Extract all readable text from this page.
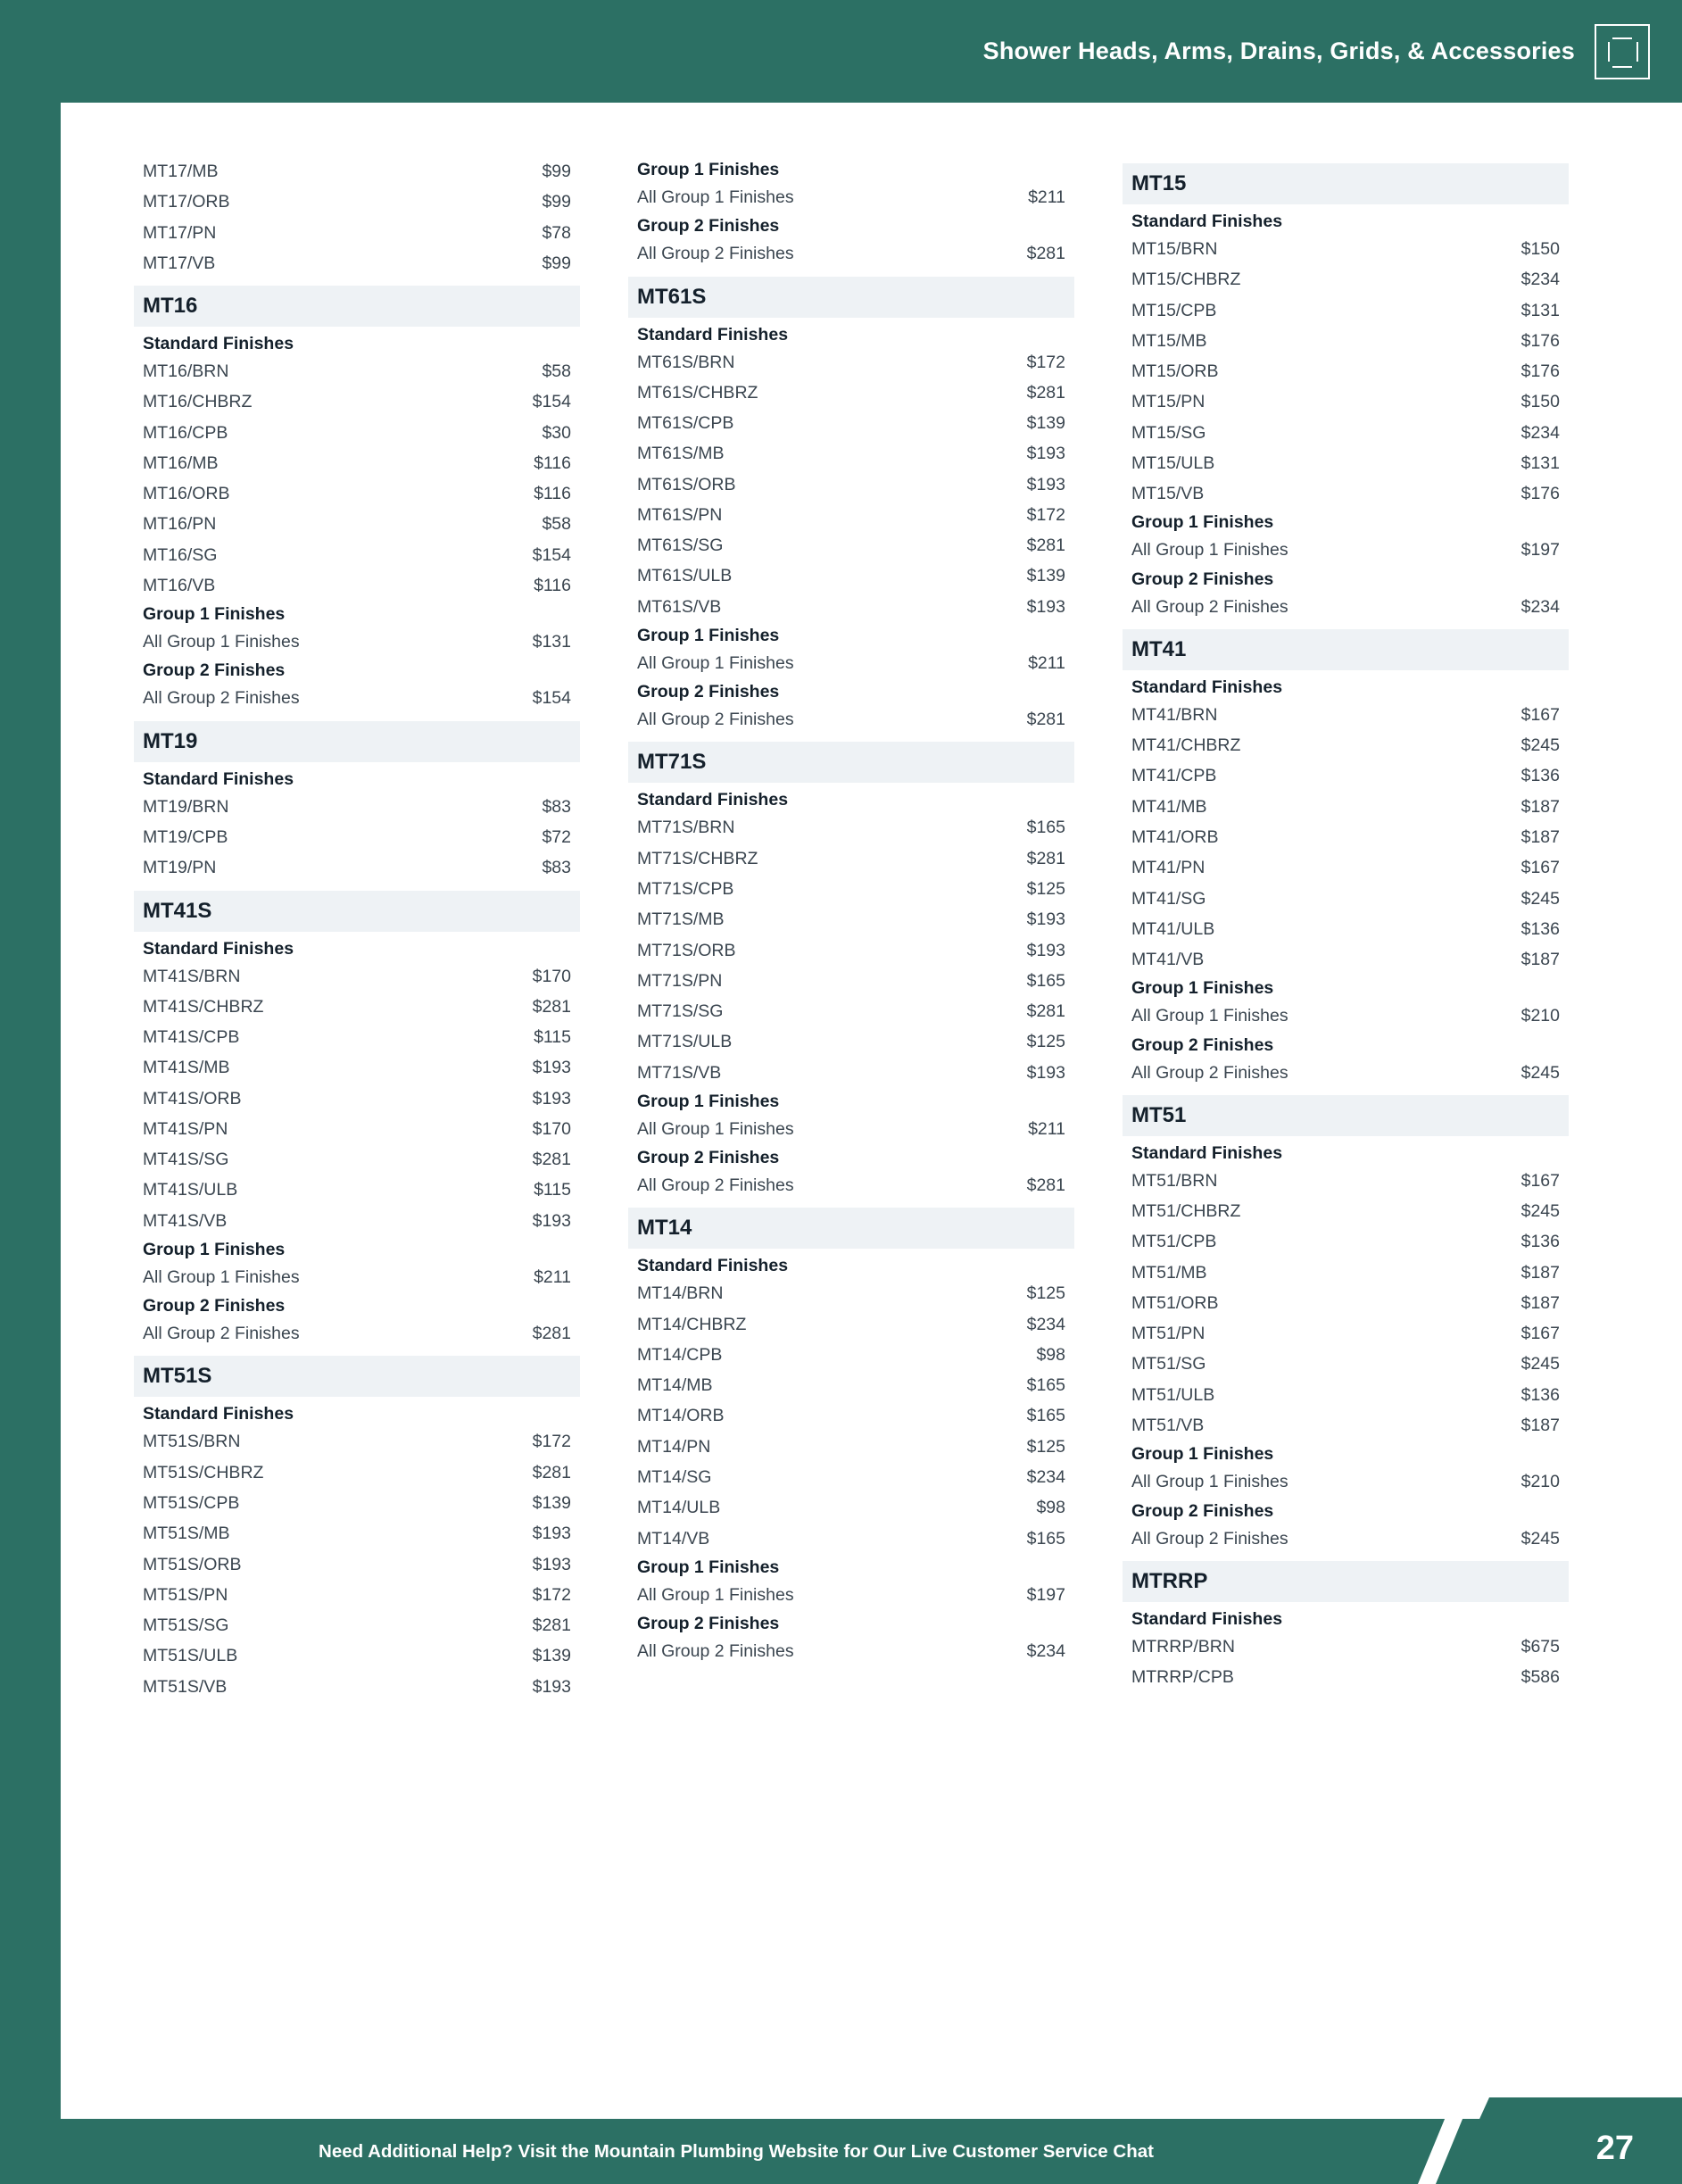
Shower Heads, Arms, Drains, Grids, & Accessories
MT17/MB	$99
MT17/ORB	$99
MT17/PN	$78
MT17/VB	$99
MT16
Standard Finishes
MT16/BRN	$58
MT16/CHBRZ	$154
MT16/CPB	$30
MT16/MB	$116
MT16/ORB	$116
MT16/PN	$58
MT16/SG	$154
MT16/VB	$116
Group 1 Finishes
All Group 1 Finishes	$131
Group 2 Finishes
All Group 2 Finishes	$154
MT19
Standard Finishes
MT19/BRN	$83
MT19/CPB	$72
MT19/PN	$83
MT41S
Standard Finishes
MT41S/BRN	$170
MT41S/CHBRZ	$281
MT41S/CPB	$115
MT41S/MB	$193
MT41S/ORB	$193
MT41S/PN	$170
MT41S/SG	$281
MT41S/ULB	$115
MT41S/VB	$193
Group 1 Finishes
All Group 1 Finishes	$211
Group 2 Finishes
All Group 2 Finishes	$281
MT51S
Standard Finishes
MT51S/BRN	$172
MT51S/CHBRZ	$281
MT51S/CPB	$139
MT51S/MB	$193
MT51S/ORB	$193
MT51S/PN	$172
MT51S/SG	$281
MT51S/ULB	$139
MT51S/VB	$193
Group 1 Finishes
All Group 1 Finishes	$211
Group 2 Finishes
All Group 2 Finishes	$281
MT61S
Standard Finishes
MT61S/BRN	$172
MT61S/CHBRZ	$281
MT61S/CPB	$139
MT61S/MB	$193
MT61S/ORB	$193
MT61S/PN	$172
MT61S/SG	$281
MT61S/ULB	$139
MT61S/VB	$193
Group 1 Finishes
All Group 1 Finishes	$211
Group 2 Finishes
All Group 2 Finishes	$281
MT71S
Standard Finishes
MT71S/BRN	$165
MT71S/CHBRZ	$281
MT71S/CPB	$125
MT71S/MB	$193
MT71S/ORB	$193
MT71S/PN	$165
MT71S/SG	$281
MT71S/ULB	$125
MT71S/VB	$193
Group 1 Finishes
All Group 1 Finishes	$211
Group 2 Finishes
All Group 2 Finishes	$281
MT14
Standard Finishes
MT14/BRN	$125
MT14/CHBRZ	$234
MT14/CPB	$98
MT14/MB	$165
MT14/ORB	$165
MT14/PN	$125
MT14/SG	$234
MT14/ULB	$98
MT14/VB	$165
Group 1 Finishes
All Group 1 Finishes	$197
Group 2 Finishes
All Group 2 Finishes	$234
MT15
Standard Finishes
MT15/BRN	$150
MT15/CHBRZ	$234
MT15/CPB	$131
MT15/MB	$176
MT15/ORB	$176
MT15/PN	$150
MT15/SG	$234
MT15/ULB	$131
MT15/VB	$176
Group 1 Finishes
All Group 1 Finishes	$197
Group 2 Finishes
All Group 2 Finishes	$234
MT41
Standard Finishes
MT41/BRN	$167
MT41/CHBRZ	$245
MT41/CPB	$136
MT41/MB	$187
MT41/ORB	$187
MT41/PN	$167
MT41/SG	$245
MT41/ULB	$136
MT41/VB	$187
Group 1 Finishes
All Group 1 Finishes	$210
Group 2 Finishes
All Group 2 Finishes	$245
MT51
Standard Finishes
MT51/BRN	$167
MT51/CHBRZ	$245
MT51/CPB	$136
MT51/MB	$187
MT51/ORB	$187
MT51/PN	$167
MT51/SG	$245
MT51/ULB	$136
MT51/VB	$187
Group 1 Finishes
All Group 1 Finishes	$210
Group 2 Finishes
All Group 2 Finishes	$245
MTRRP
Standard Finishes
MTRRP/BRN	$675
MTRRP/CPB	$586
Need Additional Help? Visit the Mountain Plumbing Website for Our Live Customer Service Chat	27
